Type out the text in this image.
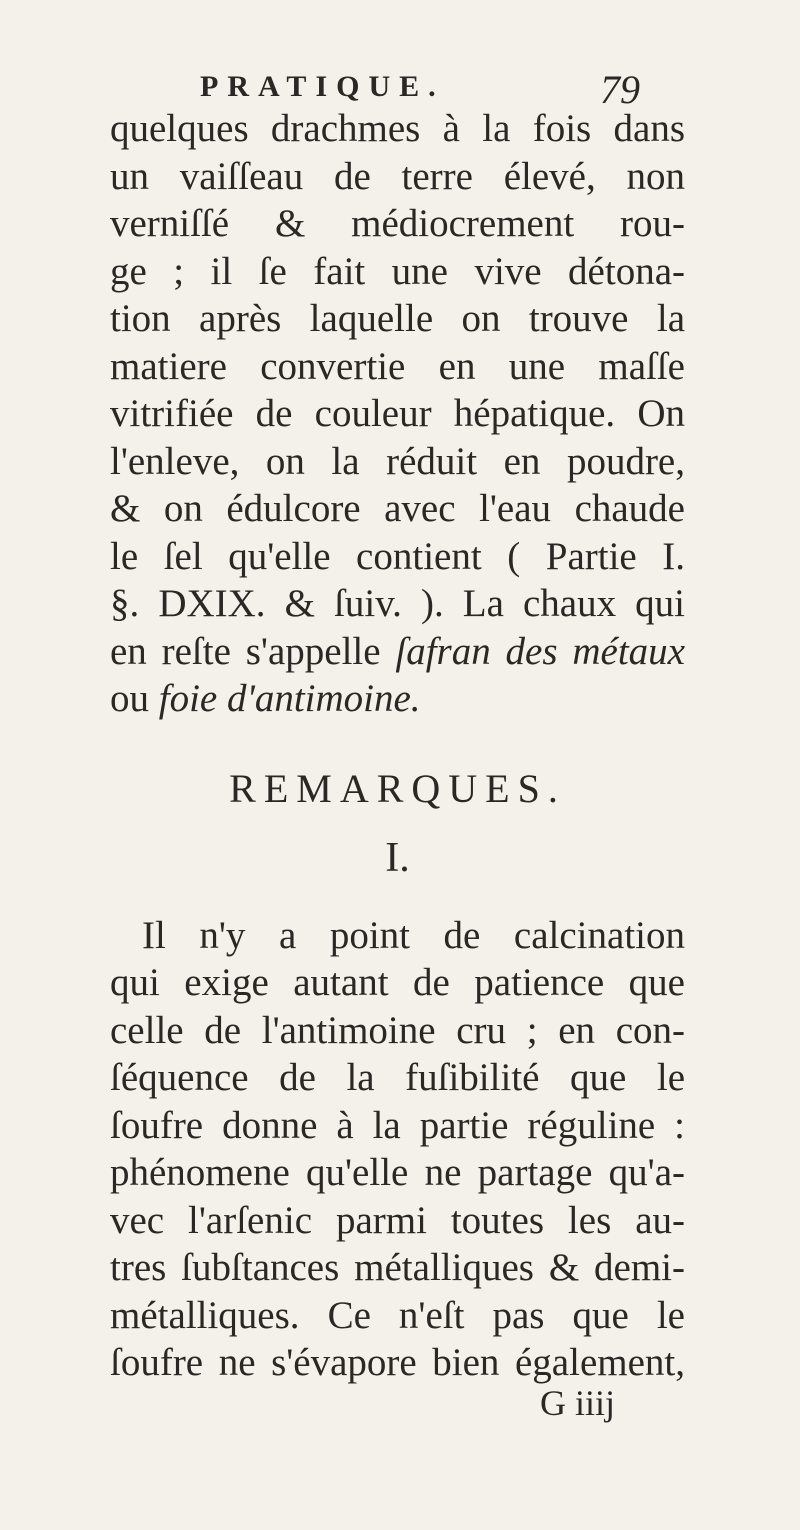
PRATIQUE.	79
quelques drachmes à la fois dans
un vaiſſeau de terre élevé, non
verniſſé & médiocrement rou-
ge ; il ſe fait une vive détona-
tion après laquelle on trouve la
matiere convertie en une maſſe
vitrifiée de couleur hépatique. On
l'enleve, on la réduit en poudre,
& on édulcore avec l'eau chaude
le ſel qu'elle contient ( Partie I.
§. DXIX. & ſuiv. ). La chaux qui
en reſte s'appelle ſafran des métaux
ou foie d'antimoine.
REMARQUES.
I.
Il n'y a point de calcination
qui exige autant de patience que
celle de l'antimoine cru ; en con-
ſéquence de la fuſibilité que le
ſoufre donne à la partie réguline :
phénomene qu'elle ne partage qu'a-
vec l'arſenic parmi toutes les au-
tres ſubſtances métalliques & demi-
métalliques. Ce n'eſt pas que le
ſoufre ne s'évapore bien également,
G iiij
